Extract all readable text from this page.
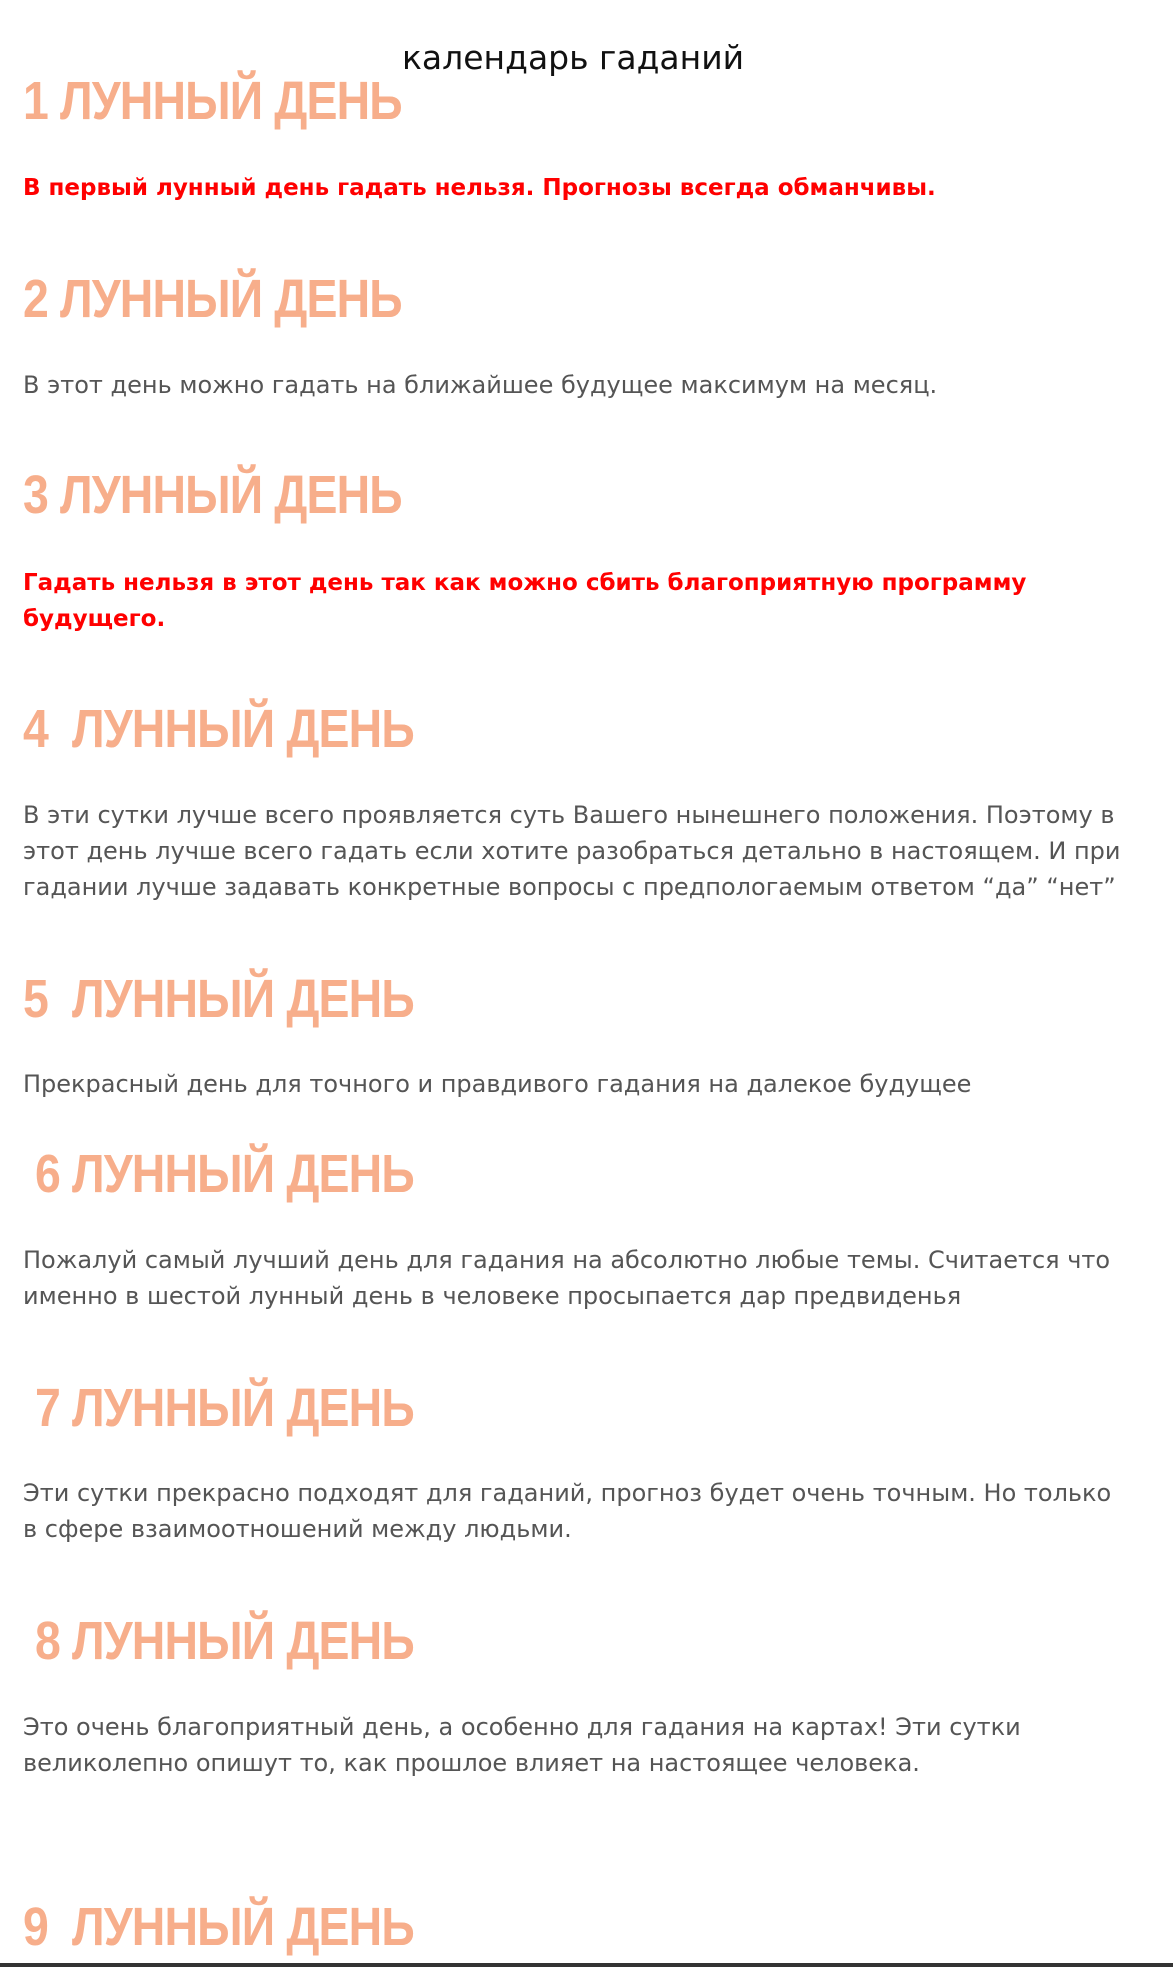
календарь гаданий
1 ЛУННЫЙ ДЕНЬ

В первый лунный день гадать нельзя. Прогнозы всегда обманчивы.

2 ЛУННЫЙ ДЕНЬ

В этот день можно гадать на ближайшее будущее максимум на месяц.

3 ЛУННЫЙ ДЕНЬ

Гадать нельзя в этот день так как можно сбить благоприятную программу будущего.

4  ЛУННЫЙ ДЕНЬ

В эти сутки лучше всего проявляется суть Вашего нынешнего положения. Поэтому в этот день лучше всего гадать если хотите разобраться детально в настоящем. И при гадании лучше задавать конкретные вопросы с предпологаемым ответом “да” “нет”

5  ЛУННЫЙ ДЕНЬ

Прекрасный день для точного и правдивого гадания на далекое будущее

6 ЛУННЫЙ ДЕНЬ

Пожалуй самый лучший день для гадания на абсолютно любые темы. Считается что именно в шестой лунный день в человеке просыпается дар предвиденья

7 ЛУННЫЙ ДЕНЬ

Эти сутки прекрасно подходят для гаданий, прогноз будет очень точным. Но только в сфере взаимоотношений между людьми.

8 ЛУННЫЙ ДЕНЬ

Это очень благоприятный день, а особенно для гадания на картах! Эти сутки великолепно опишут то, как прошлое влияет на настоящее человека.

9  ЛУННЫЙ ДЕНЬ
